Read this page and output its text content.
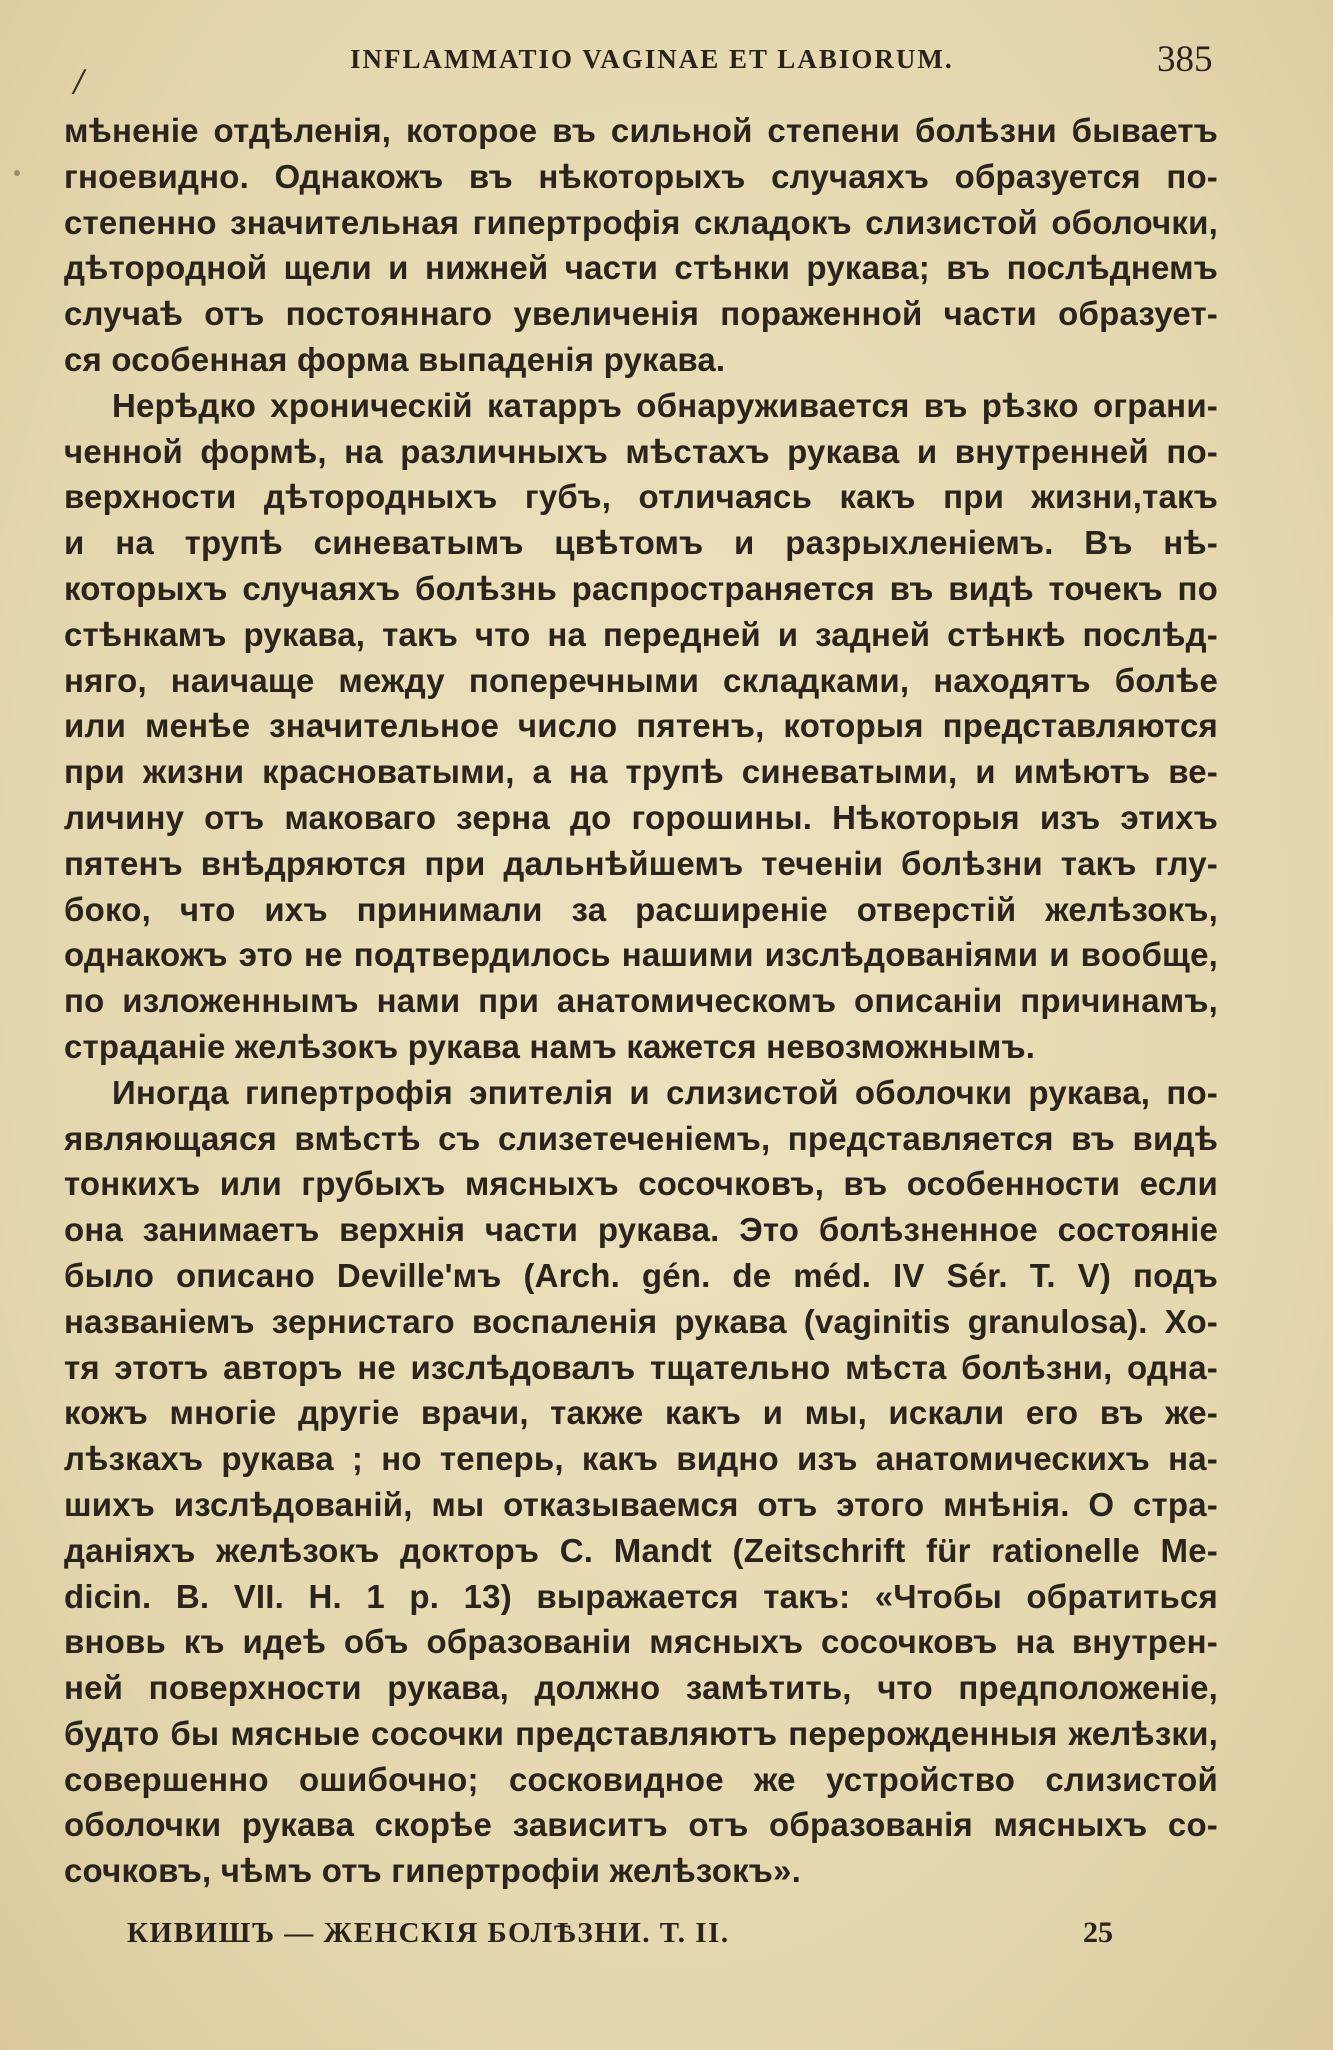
/
INFLAMMATIO VAGINAE ET LABIORUM.	385
мѣненіе отдѣленія, которое въ сильной степени болѣзни бываетъ
гноевидно. Однакожъ въ нѣкоторыхъ случаяхъ образуется по-
степенно значительная гипертрофія складокъ слизистой оболочки,
дѣтородной щели и нижней части стѣнки рукава; въ послѣднемъ
случаѣ отъ постояннаго увеличенія пораженной части образует-
ся особенная форма выпаденія рукава.
Нерѣдко хроническій катарръ обнаруживается въ рѣзко ограни-
ченной формѣ, на различныхъ мѣстахъ рукава и внутренней по-
верхности дѣтородныхъ губъ, отличаясь какъ при жизни,такъ
и на трупѣ синеватымъ цвѣтомъ и разрыхленіемъ. Въ нѣ-
которыхъ случаяхъ болѣзнь распространяется въ видѣ точекъ по
стѣнкамъ рукава, такъ что на передней и задней стѣнкѣ послѣд-
няго, наичаще между поперечными складками, находятъ болѣе
или менѣе значительное число пятенъ, которыя представляются
при жизни красноватыми, а на трупѣ синеватыми, и имѣютъ ве-
личину отъ маковаго зерна до горошины. Нѣкоторыя изъ этихъ
пятенъ внѣдряются при дальнѣйшемъ теченіи болѣзни такъ глу-
боко, что ихъ принимали за расширеніе отверстій желѣзокъ,
однакожъ это не подтвердилось нашими изслѣдованіями и вообще,
по изложеннымъ нами при анатомическомъ описаніи причинамъ,
страданіе желѣзокъ рукава намъ кажется невозможнымъ.
Иногда гипертрофія эпителія и слизистой оболочки рукава, по-
являющаяся вмѣстѣ съ слизетеченіемъ, представляется въ видѣ
тонкихъ или грубыхъ мясныхъ сосочковъ, въ особенности если
она занимаетъ верхнія части рукава. Это болѣзненное состояніе
было описано Deville'мъ (Arch. gén. de méd. IV Sér. T. V) подъ
названіемъ зернистаго воспаленія рукава (vaginitis granulosa). Хо-
тя этотъ авторъ не изслѣдовалъ тщательно мѣста болѣзни, одна-
кожъ многіе другіе врачи, также какъ и мы, искали его въ же-
лѣзкахъ рукава ; но теперь, какъ видно изъ анатомическихъ на-
шихъ изслѣдованій, мы отказываемся отъ этого мнѣнія. О стра-
даніяхъ желѣзокъ докторъ C. Mandt (Zeitschrift für rationelle Me-
dicin. B. VII. H. 1 p. 13) выражается такъ: «Чтобы обратиться
вновь къ идеѣ объ образованіи мясныхъ сосочковъ на внутрен-
ней поверхности рукава, должно замѣтить, что предположеніе,
будто бы мясные сосочки представляютъ перерожденныя желѣзки,
совершенно ошибочно; сосковидное же устройство слизистой
оболочки рукава скорѣе зависитъ отъ образованія мясныхъ со-
сочковъ, чѣмъ отъ гипертрофіи желѣзокъ».
КИВИШЪ — ЖЕНСКІЯ БОЛѢЗНИ. Т. II.	25
